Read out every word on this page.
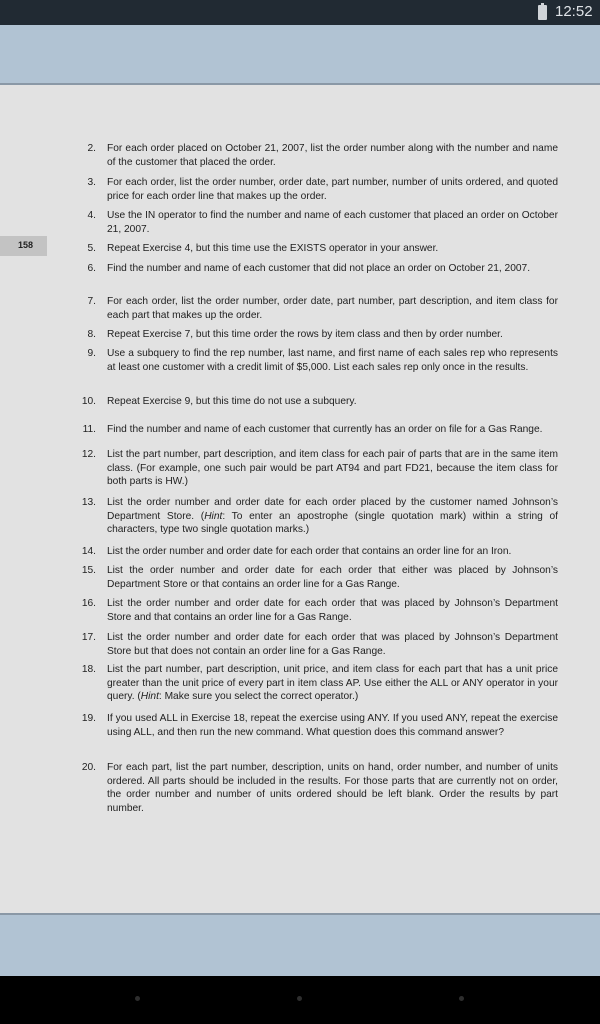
12:52
158
2. For each order placed on October 21, 2007, list the order number along with the number and name of the customer that placed the order.
3. For each order, list the order number, order date, part number, number of units ordered, and quoted price for each order line that makes up the order.
4. Use the IN operator to find the number and name of each customer that placed an order on October 21, 2007.
5. Repeat Exercise 4, but this time use the EXISTS operator in your answer.
6. Find the number and name of each customer that did not place an order on October 21, 2007.
7. For each order, list the order number, order date, part number, part description, and item class for each part that makes up the order.
8. Repeat Exercise 7, but this time order the rows by item class and then by order number.
9. Use a subquery to find the rep number, last name, and first name of each sales rep who represents at least one customer with a credit limit of $5,000. List each sales rep only once in the results.
10. Repeat Exercise 9, but this time do not use a subquery.
11. Find the number and name of each customer that currently has an order on file for a Gas Range.
12. List the part number, part description, and item class for each pair of parts that are in the same item class. (For example, one such pair would be part AT94 and part FD21, because the item class for both parts is HW.)
13. List the order number and order date for each order placed by the customer named Johnson’s Department Store. (Hint: To enter an apostrophe (single quotation mark) within a string of characters, type two single quotation marks.)
14. List the order number and order date for each order that contains an order line for an Iron.
15. List the order number and order date for each order that either was placed by Johnson’s Department Store or that contains an order line for a Gas Range.
16. List the order number and order date for each order that was placed by Johnson’s Department Store and that contains an order line for a Gas Range.
17. List the order number and order date for each order that was placed by Johnson’s Department Store but that does not contain an order line for a Gas Range.
18. List the part number, part description, unit price, and item class for each part that has a unit price greater than the unit price of every part in item class AP. Use either the ALL or ANY operator in your query. (Hint: Make sure you select the correct operator.)
19. If you used ALL in Exercise 18, repeat the exercise using ANY. If you used ANY, repeat the exercise using ALL, and then run the new command. What question does this command answer?
20. For each part, list the part number, description, units on hand, order number, and number of units ordered. All parts should be included in the results. For those parts that are currently not on order, the order number and number of units ordered should be left blank. Order the results by part number.
